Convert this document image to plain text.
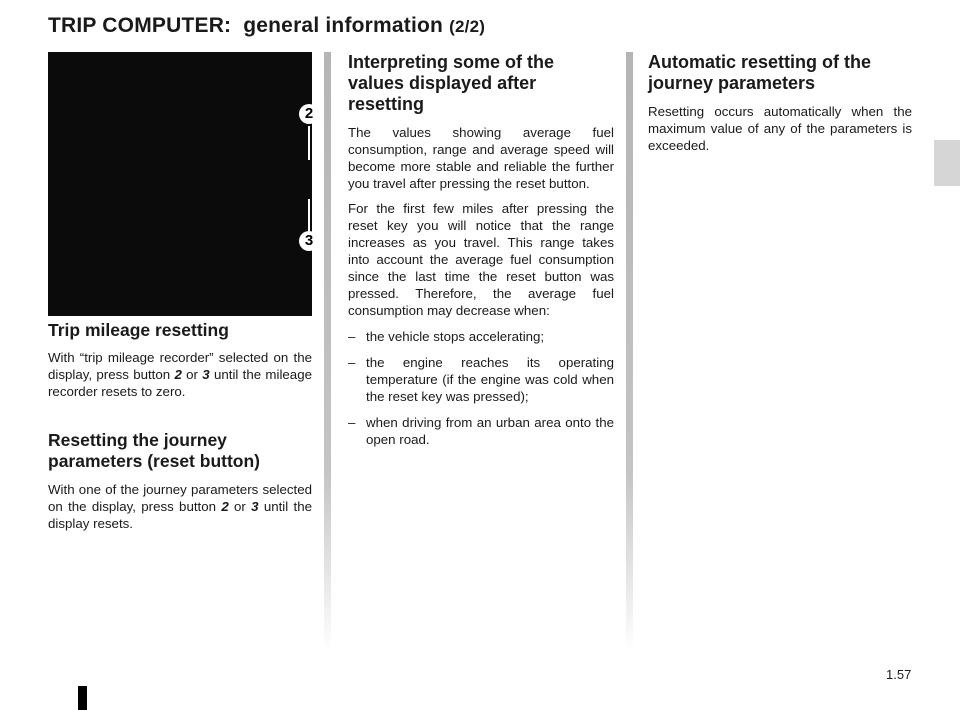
TRIP COMPUTER: general information (2/2)
2
3
Trip mileage resetting

With “trip mileage recorder” selected on the display, press button 2 or 3 until the mileage recorder resets to zero.

Resetting the journey
parameters (reset button)

With one of the journey parameters selected on the display, press button 2 or 3 until the display resets.

Interpreting some of the
values displayed after
resetting

The values showing average fuel consumption, range and average speed will become more stable and reliable the further you travel after pressing the reset button.

For the first few miles after pressing the reset key you will notice that the range increases as you travel. This range takes into account the average fuel consumption since the last time the reset button was pressed. Therefore, the average fuel consumption may decrease when:

– the vehicle stops accelerating;
– the engine reaches its operating temperature (if the engine was cold when the reset key was pressed);
– when driving from an urban area onto the open road.
Automatic resetting of the
journey parameters

Resetting occurs automatically when the maximum value of any of the parameters is exceeded.

1.57
